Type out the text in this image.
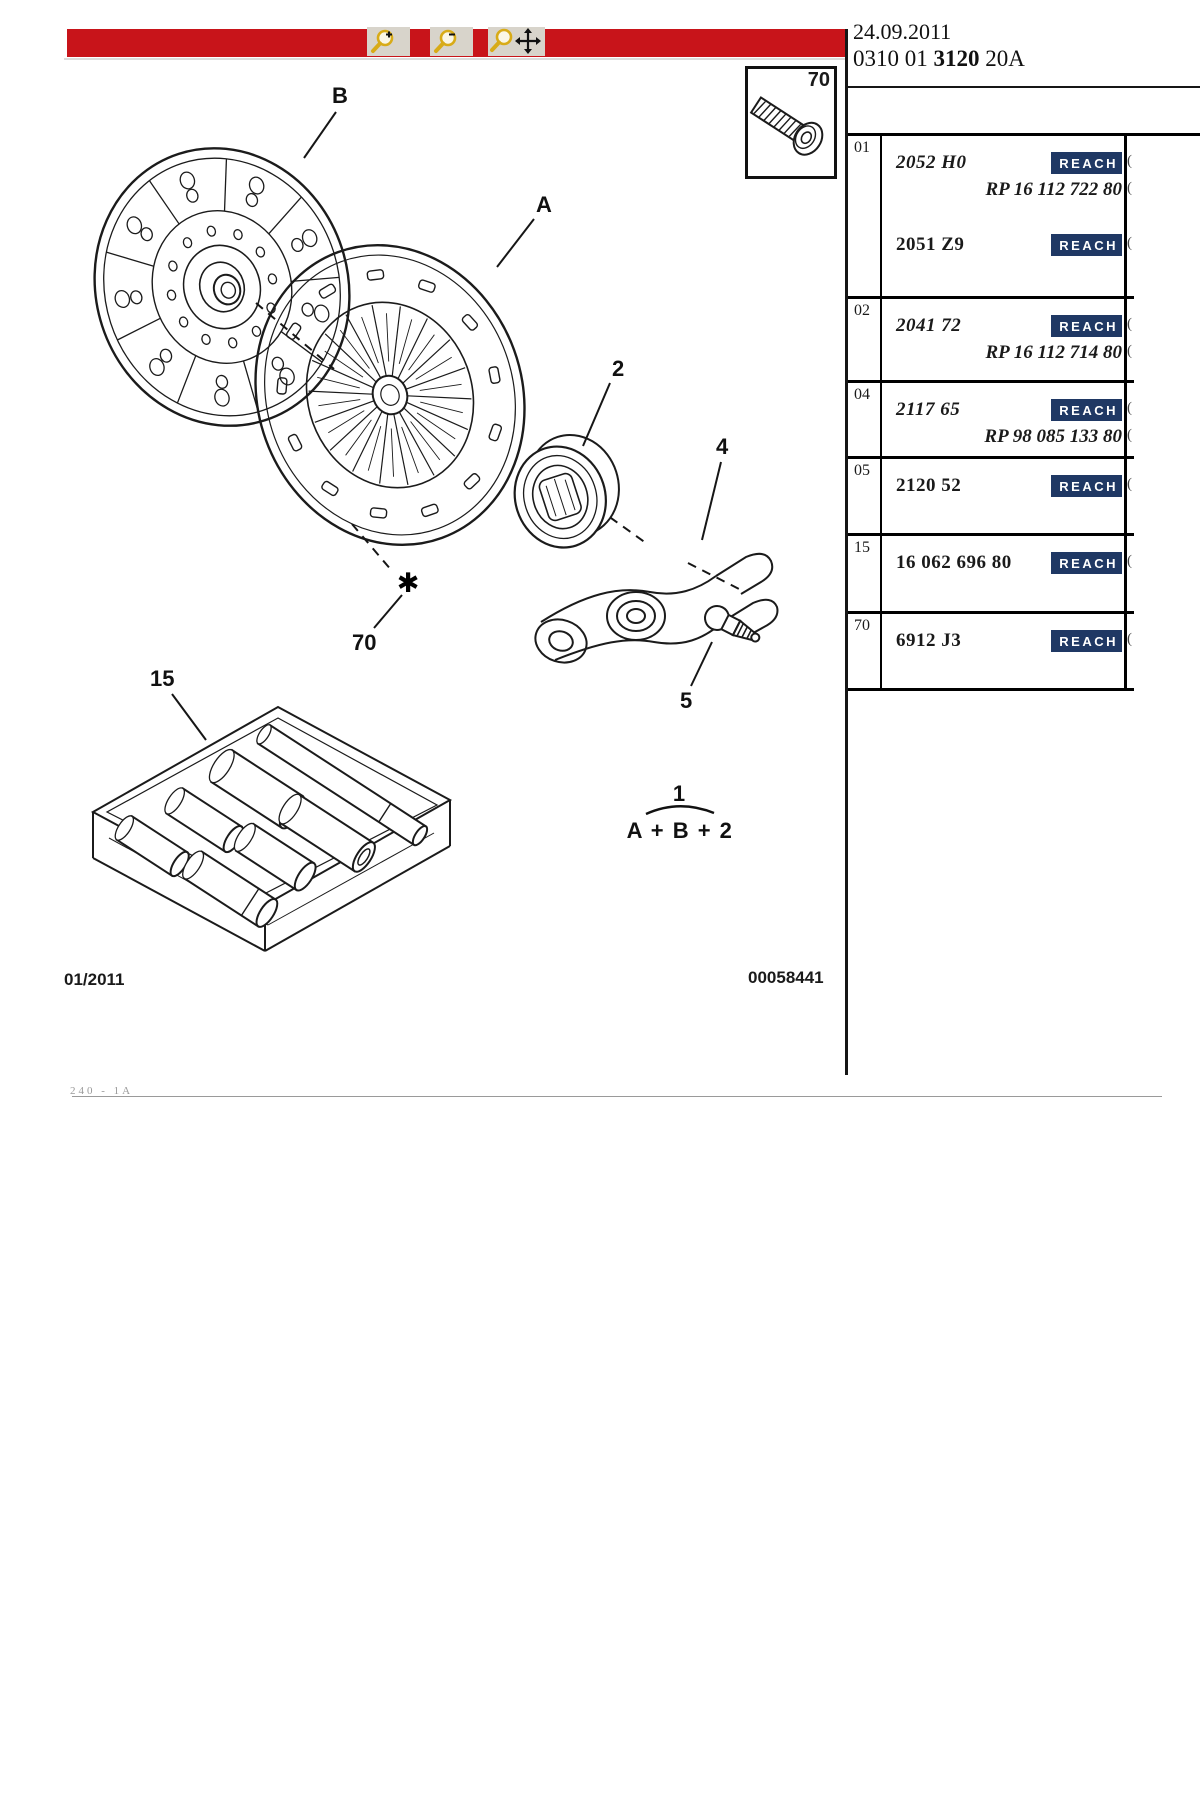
24.09.2011
0310 01 3120 20A
70
01
2052 H0	REACH (
RP 16 112 722 80 (
2051 Z9	REACH (
02
2041 72	REACH (
RP 16 112 714 80 (
04
2117 65	REACH (
RP 98 085 133 80 (
05
2120 52	REACH (
15
16 062 696 80	REACH (
70
6912 J3	REACH (
B
A
✱
70
2
4
5
15
1
A + B + 2
01/2011	00058441
240 - 1A
